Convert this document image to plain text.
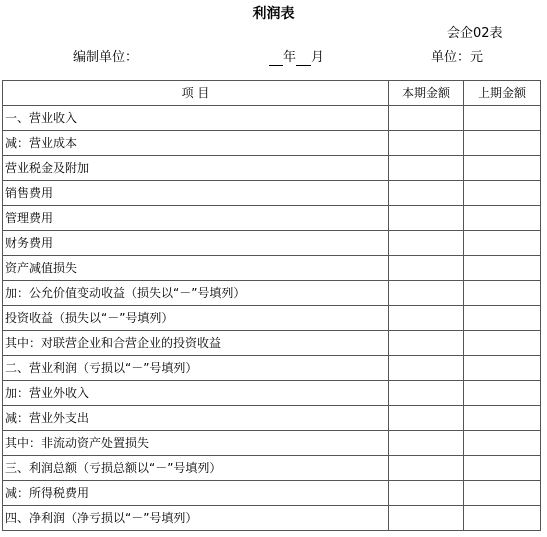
利润表
会企02表
编制单位：	年 月	单位：元
项 目	本期金额	上期金额
一、营业收入		
减：营业成本		
营业税金及附加		
销售费用		
管理费用		
财务费用		
资产减值损失		
加：公允价值变动收益（损失以“－”号填列）		
投资收益（损失以“－”号填列）		
其中：对联营企业和合营企业的投资收益		
二、营业利润（亏损以“－”号填列）		
加：营业外收入		
减：营业外支出		
其中：非流动资产处置损失		
三、利润总额（亏损总额以“－”号填列）		
减：所得税费用		
四、净利润（净亏损以“－”号填列）		
